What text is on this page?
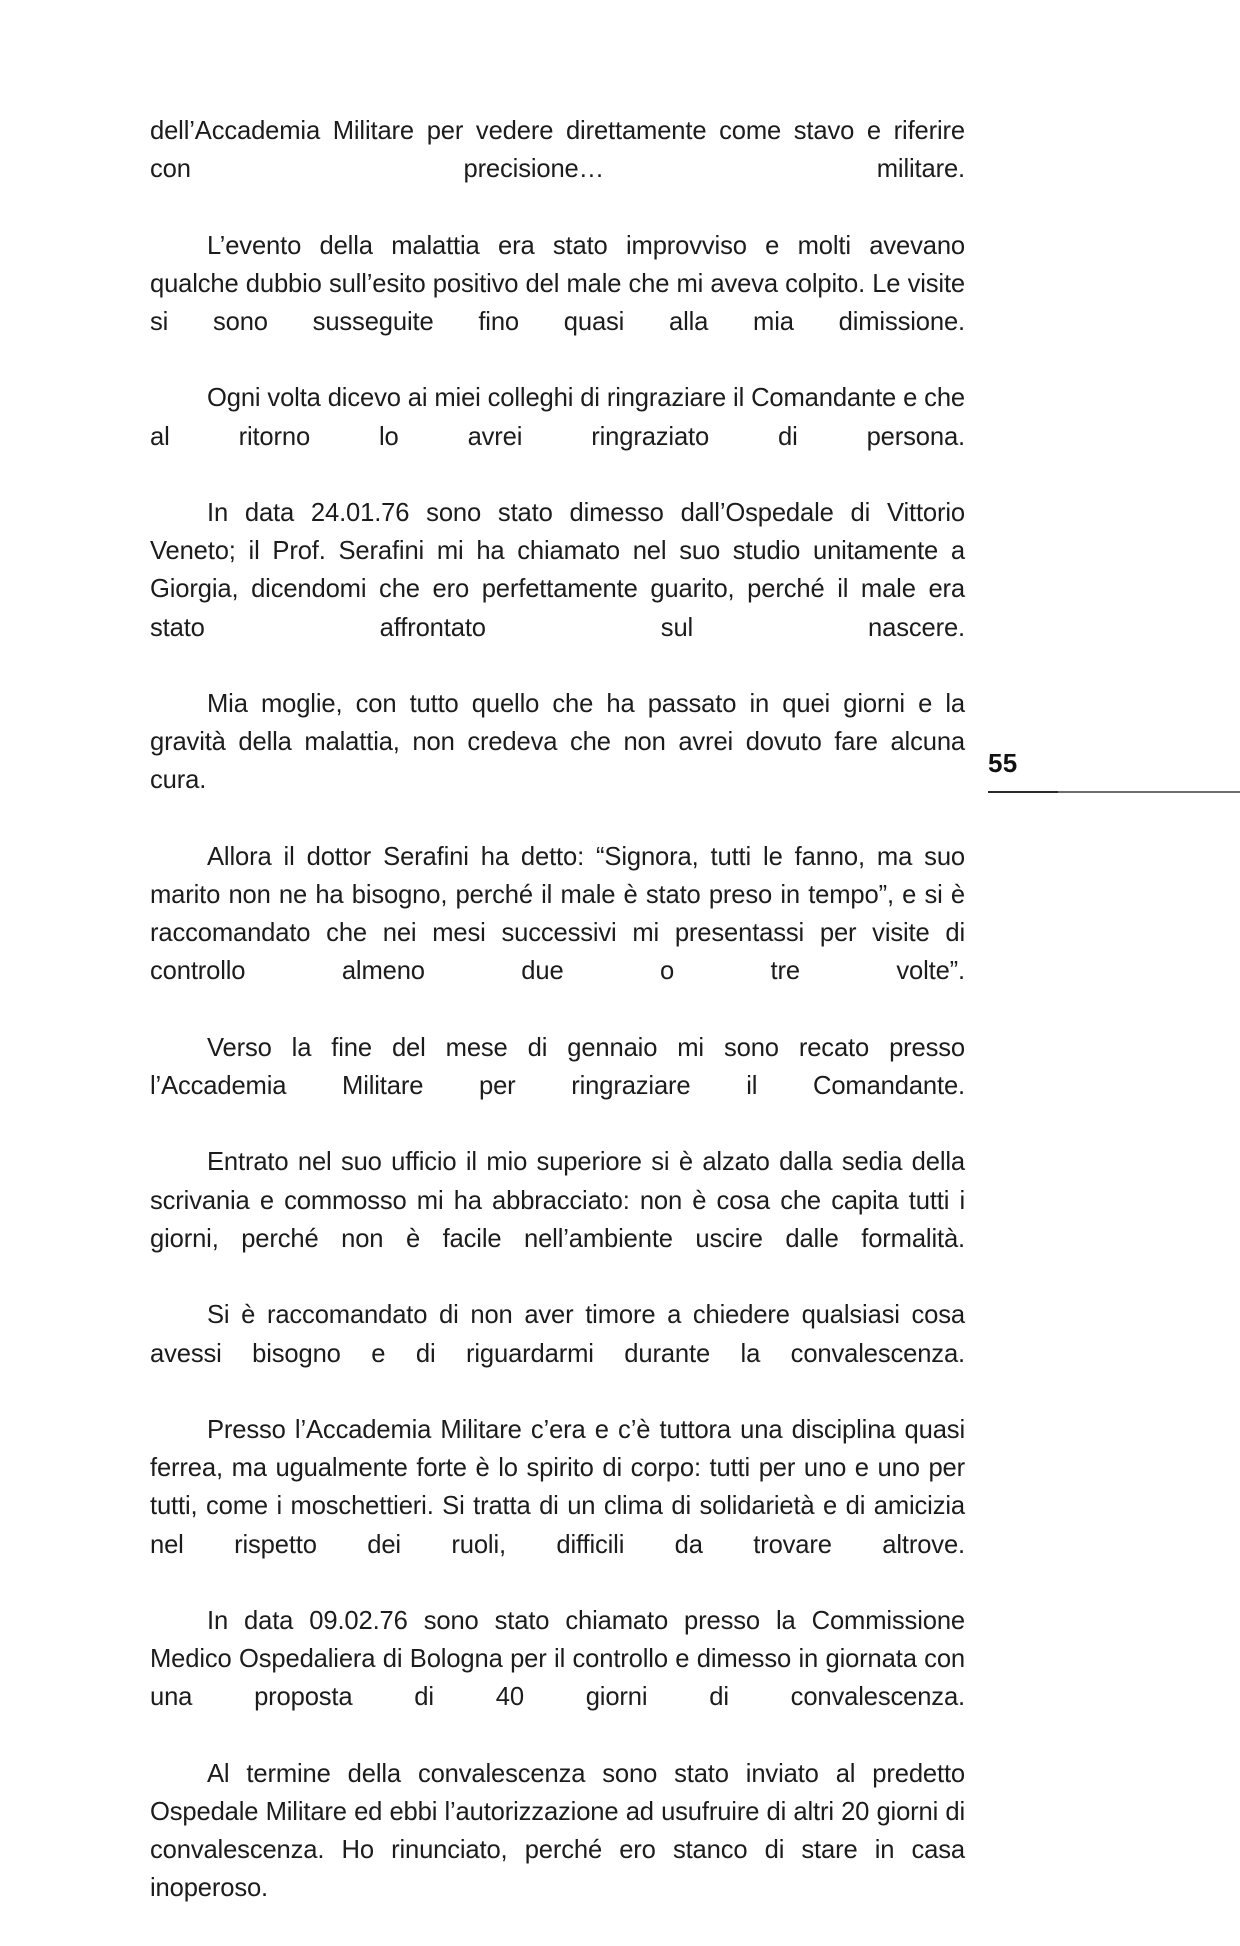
dell’Accademia Militare per vedere direttamente come stavo e riferire con precisione… militare.

L’evento della malattia era stato improvviso e molti avevano qualche dubbio sull’esito positivo del male che mi aveva colpito. Le visite si sono susseguite fino quasi alla mia dimissione.

Ogni volta dicevo ai miei colleghi di ringraziare il Comandante e che al ritorno lo avrei ringraziato di persona.

In data 24.01.76 sono stato dimesso dall’Ospedale di Vittorio Veneto; il Prof. Serafini mi ha chiamato nel suo studio unitamente a Giorgia, dicendomi che ero perfettamente guarito, perché il male era stato affrontato sul nascere.

Mia moglie, con tutto quello che ha passato in quei giorni e la gravità della malattia, non credeva che non avrei dovuto fare alcuna cura.

Allora il dottor Serafini ha detto: “Signora, tutti le fanno, ma suo marito non ne ha bisogno, perché il male è stato preso in tempo”, e si è raccomandato che nei mesi successivi mi presentassi per visite di controllo almeno due o tre volte”.

Verso la fine del mese di gennaio mi sono recato presso l’Accademia Militare per ringraziare il Comandante.

Entrato nel suo ufficio il mio superiore si è alzato dalla sedia della scrivania e commosso mi ha abbracciato: non è cosa che capita tutti i giorni, perché non è facile nell’ambiente uscire dalle formalità.

Si è raccomandato di non aver timore a chiedere qualsiasi cosa avessi bisogno e di riguardarmi durante la convalescenza.

Presso l’Accademia Militare c’era e c’è tuttora una disciplina quasi ferrea, ma ugualmente forte è lo spirito di corpo: tutti per uno e uno per tutti, come i moschettieri. Si tratta di un clima di solidarietà e di amicizia nel rispetto dei ruoli, difficili da trovare altrove.

In data 09.02.76 sono stato chiamato presso la Commissione Medico Ospedaliera di Bologna per il controllo e dimesso in giornata con una proposta di 40 giorni di convalescenza.

Al termine della convalescenza sono stato inviato al predetto Ospedale Militare ed ebbi l’autorizzazione ad usufruire di altri 20 giorni di convalescenza. Ho rinunciato, perché ero stanco di stare in casa inoperoso.

55
